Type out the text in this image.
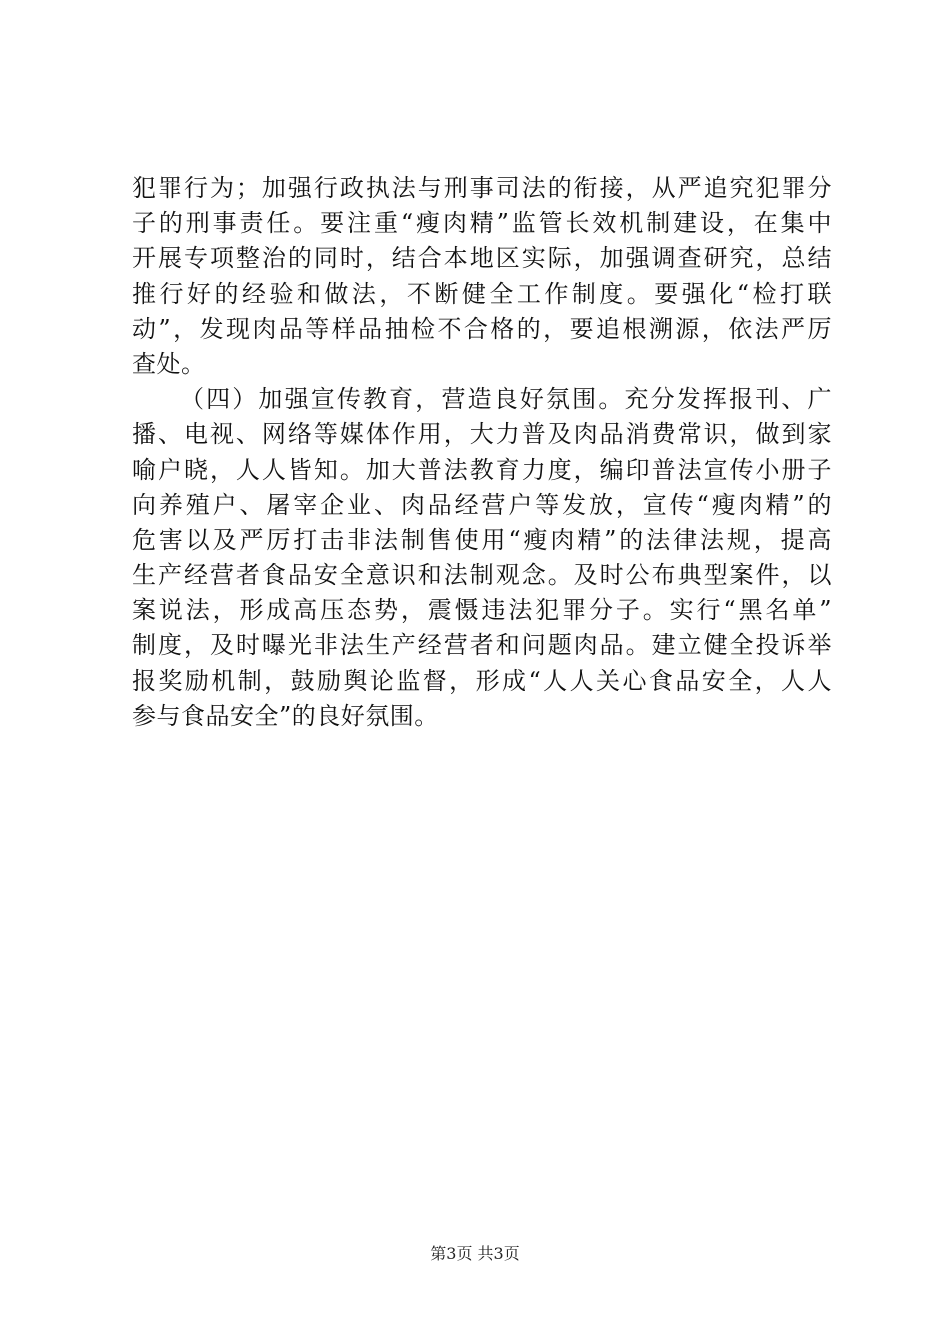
犯罪行为；加强行政执法与刑事司法的衔接，从严追究犯罪分
子的刑事责任。要注重“瘦肉精”监管长效机制建设，在集中
开展专项整治的同时，结合本地区实际，加强调查研究，总结
推行好的经验和做法，不断健全工作制度。要强化“检打联
动”，发现肉品等样品抽检不合格的，要追根溯源，依法严厉
查处。
（四）加强宣传教育，营造良好氛围。充分发挥报刊、广
播、电视、网络等媒体作用，大力普及肉品消费常识，做到家
喻户晓，人人皆知。加大普法教育力度，编印普法宣传小册子
向养殖户、屠宰企业、肉品经营户等发放，宣传“瘦肉精”的
危害以及严厉打击非法制售使用“瘦肉精”的法律法规，提高
生产经营者食品安全意识和法制观念。及时公布典型案件，以
案说法，形成高压态势，震慑违法犯罪分子。实行“黑名单”
制度，及时曝光非法生产经营者和问题肉品。建立健全投诉举
报奖励机制，鼓励舆论监督，形成“人人关心食品安全，人人
参与食品安全”的良好氛围。
第3页 共3页
